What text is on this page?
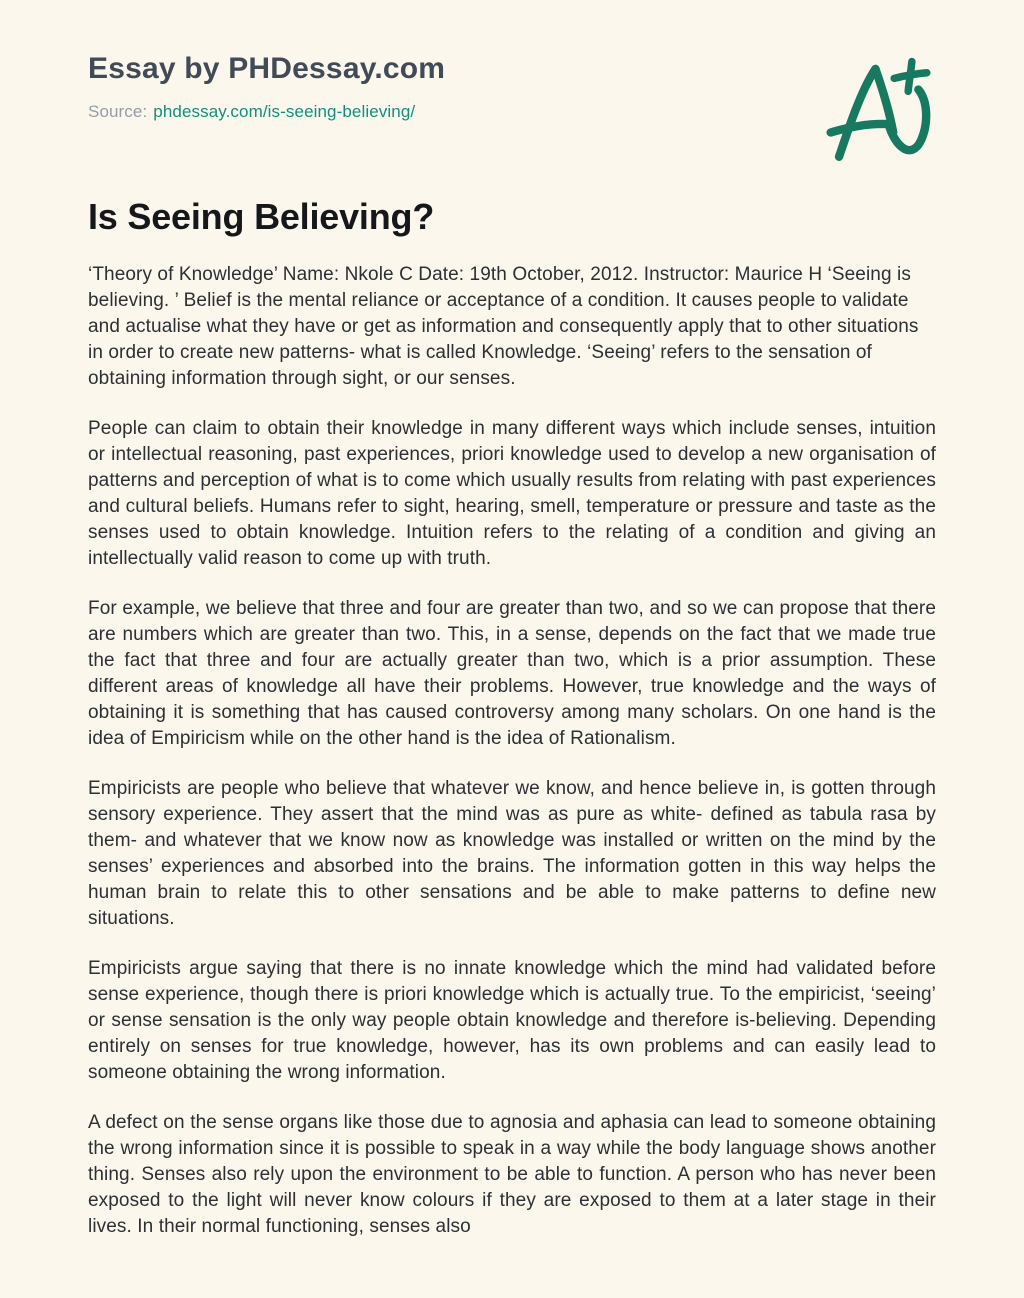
Essay by PHDessay.com
Source: phdessay.com/is-seeing-believing/
Is Seeing Believing?

‘Theory of Knowledge’ Name: Nkole C Date: 19th October, 2012. Instructor: Maurice H ‘Seeing is believing. ’ Belief is the mental reliance or acceptance of a condition. It causes people to validate and actualise what they have or get as information and consequently apply that to other situations in order to create new patterns- what is called Knowledge. ‘Seeing’ refers to the sensation of obtaining information through sight, or our senses.

People can claim to obtain their knowledge in many different ways which include senses, intuition or intellectual reasoning, past experiences, priori knowledge used to develop a new organisation of patterns and perception of what is to come which usually results from relating with past experiences and cultural beliefs. Humans refer to sight, hearing, smell, temperature or pressure and taste as the senses used to obtain knowledge. Intuition refers to the relating of a condition and giving an intellectually valid reason to come up with truth.

For example, we believe that three and four are greater than two, and so we can propose that there are numbers which are greater than two. This, in a sense, depends on the fact that we made true the fact that three and four are actually greater than two, which is a prior assumption. These different areas of knowledge all have their problems. However, true knowledge and the ways of obtaining it is something that has caused controversy among many scholars. On one hand is the idea of Empiricism while on the other hand is the idea of Rationalism.

Empiricists are people who believe that whatever we know, and hence believe in, is gotten through sensory experience. They assert that the mind was as pure as white- defined as tabula rasa by them- and whatever that we know now as knowledge was installed or written on the mind by the senses’ experiences and absorbed into the brains. The information gotten in this way helps the human brain to relate this to other sensations and be able to make patterns to define new situations.

Empiricists argue saying that there is no innate knowledge which the mind had validated before sense experience, though there is priori knowledge which is actually true. To the empiricist, ‘seeing’ or sense sensation is the only way people obtain knowledge and therefore is-believing. Depending entirely on senses for true knowledge, however, has its own problems and can easily lead to someone obtaining the wrong information.

A defect on the sense organs like those due to agnosia and aphasia can lead to someone obtaining the wrong information since it is possible to speak in a way while the body language shows another thing. Senses also rely upon the environment to be able to function. A person who has never been exposed to the light will never know colours if they are exposed to them at a later stage in their lives. In their normal functioning, senses also
